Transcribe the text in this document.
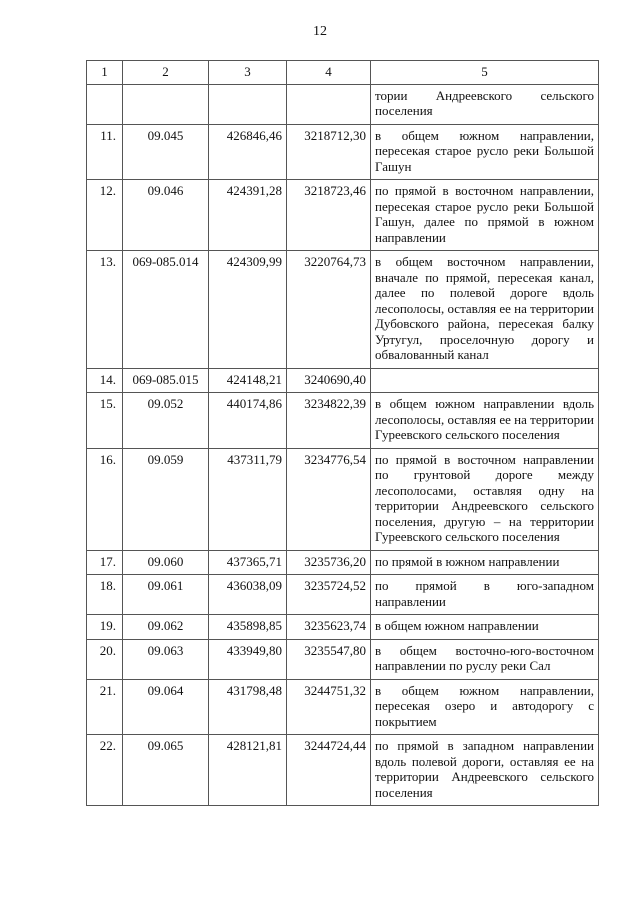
12
1	2	3	4	5
				тории Андреевского сельского поселения
11.	09.045	426846,46	3218712,30	в общем южном направлении, пересекая старое русло реки Большой Гашун
12.	09.046	424391,28	3218723,46	по прямой в восточном направлении, пересекая старое русло реки Большой Гашун, далее по прямой в южном направлении
13.	069-085.014	424309,99	3220764,73	в общем восточном направлении, вначале по прямой, пересекая канал, далее по полевой дороге вдоль лесополосы, оставляя ее на территории Дубовского района, пересекая балку Уртугул, проселочную дорогу и обвалованный канал
14.	069-085.015	424148,21	3240690,40	
15.	09.052	440174,86	3234822,39	в общем южном направлении вдоль лесополосы, оставляя ее на территории Гуреевского сельского поселения
16.	09.059	437311,79	3234776,54	по прямой в восточном направлении по грунтовой дороге между лесополосами, оставляя одну на территории Андреевского сельского поселения, другую – на территории Гуреевского сельского поселения
17.	09.060	437365,71	3235736,20	по прямой в южном направлении
18.	09.061	436038,09	3235724,52	по прямой в юго-западном направлении
19.	09.062	435898,85	3235623,74	в общем южном направлении
20.	09.063	433949,80	3235547,80	в общем восточно-юго-восточном направлении по руслу реки Сал
21.	09.064	431798,48	3244751,32	в общем южном направлении, пересекая озеро и автодорогу с покрытием
22.	09.065	428121,81	3244724,44	по прямой в западном направлении вдоль полевой дороги, оставляя ее на территории Андреевского сельского поселения
